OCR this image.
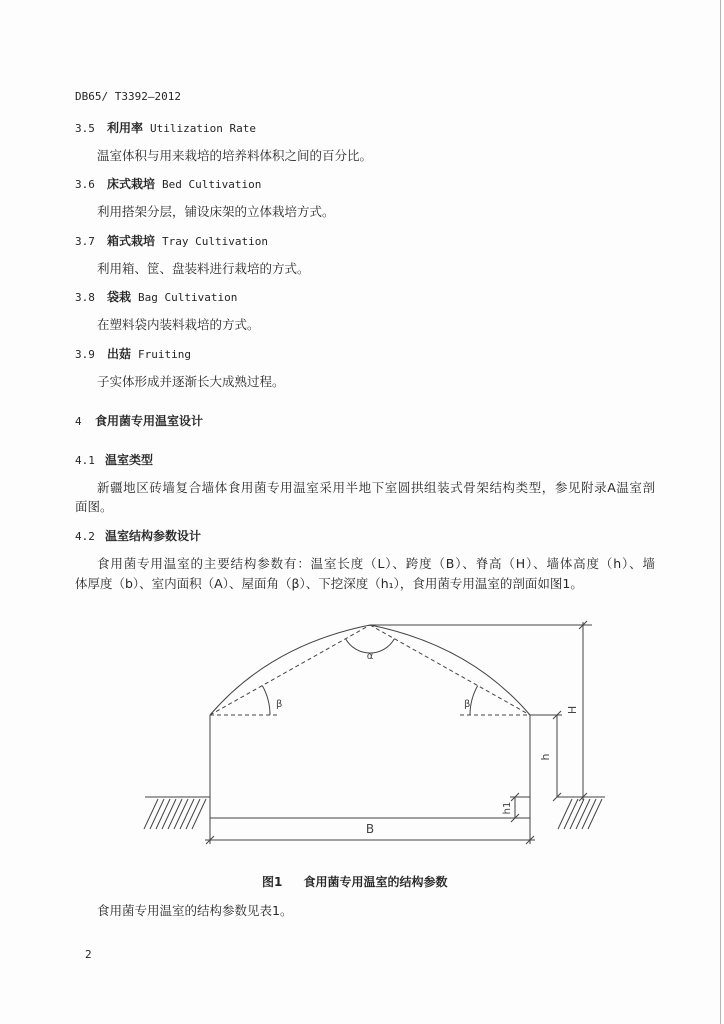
DB65/ T3392—2012
3.5	利用率 Utilization Rate
温室体积与用来栽培的培养料体积之间的百分比。
3.6	床式栽培 Bed Cultivation
利用搭架分层，铺设床架的立体栽培方式。
3.7	箱式栽培 Tray Cultivation
利用箱、筐、盘装料进行栽培的方式。
3.8	袋栽 Bag Cultivation
在塑料袋内装料栽培的方式。
3.9	出菇 Fruiting
子实体形成并逐渐长大成熟过程。
4	食用菌专用温室设计
4.1 温室类型
新疆地区砖墙复合墙体食用菌专用温室采用半地下室圆拱组装式骨架结构类型，参见附录A温室剖
面图。
4.2 温室结构参数设计
食用菌专用温室的主要结构参数有：温室长度（L）、跨度（B）、脊高（H）、墙体高度（h）、墙
体厚度（b）、室内面积（A）、屋面角（β）、下挖深度（h₁），食用菌专用温室的剖面如图1。
α
β	β	H
h
h1
B
图1 食用菌专用温室的结构参数
食用菌专用温室的结构参数见表1。
2
